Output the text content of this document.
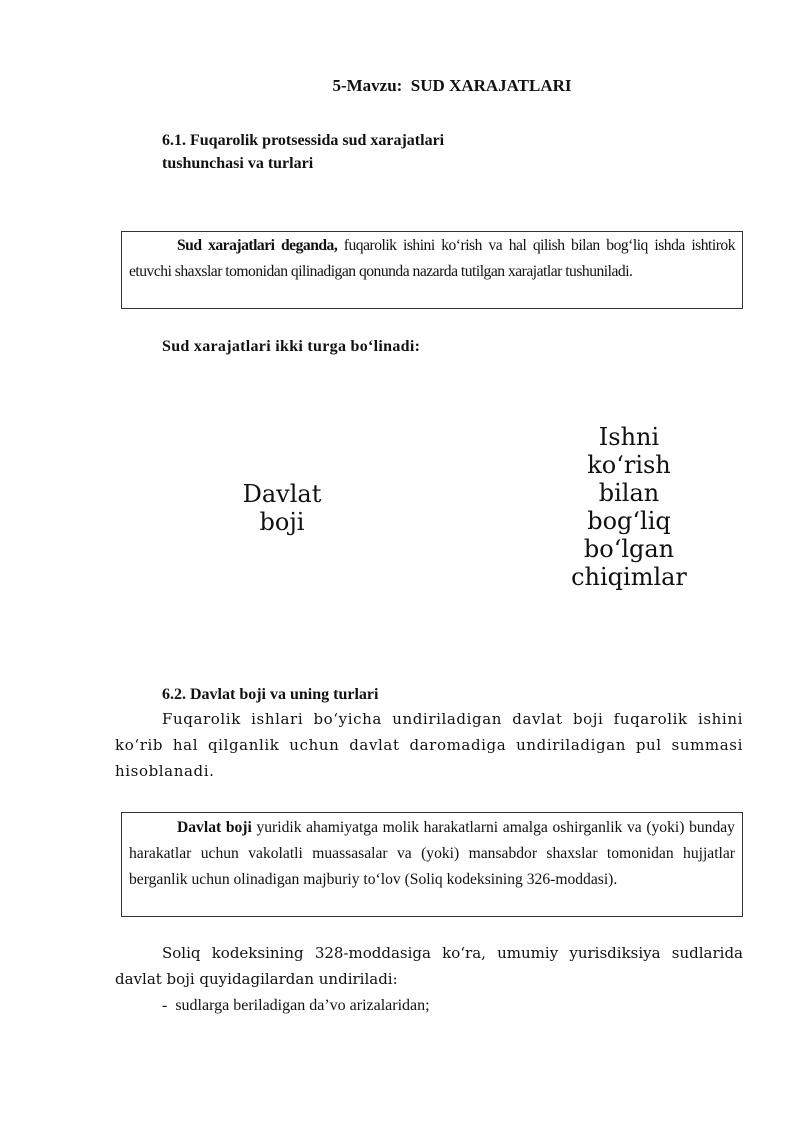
5-Mavzu:  SUD XARAJATLARI
6.1. Fuqarolik protsessida sud xarajatlari
tushunchasi va turlari

Sud xarajatlari deganda, fuqarolik ishini ko‘rish va hal qilish bilan bog‘liq ishda ishtirok etuvchi shaxslar tomonidan qilinadigan qonunda nazarda tutilgan xarajatlar tushuniladi.

Sud xarajatlari ikki turga bo‘linadi:
Davlat
boji
Ishni
ko‘rish
bilan
bog‘liq
bo‘lgan
chiqimlar
6.2. Davlat boji va uning turlari
Fuqarolik ishlari bo‘yicha undiriladigan davlat boji fuqarolik ishini ko‘rib hal qilganlik uchun davlat daromadiga undiriladigan pul summasi hisoblanadi.

Davlat boji yuridik ahamiyatga molik harakatlarni amalga oshirganlik va (yoki) bunday harakatlar uchun vakolatli muassasalar va (yoki) mansabdor shaxslar tomonidan hujjatlar berganlik uchun olinadigan majburiy to‘lov (Soliq kodeksining 326-moddasi).

Soliq kodeksining 328-moddasiga ko‘ra, umumiy yurisdiksiya sudlarida davlat boji quyidagilardan undiriladi:
-  sudlarga beriladigan da’vo arizalaridan;
